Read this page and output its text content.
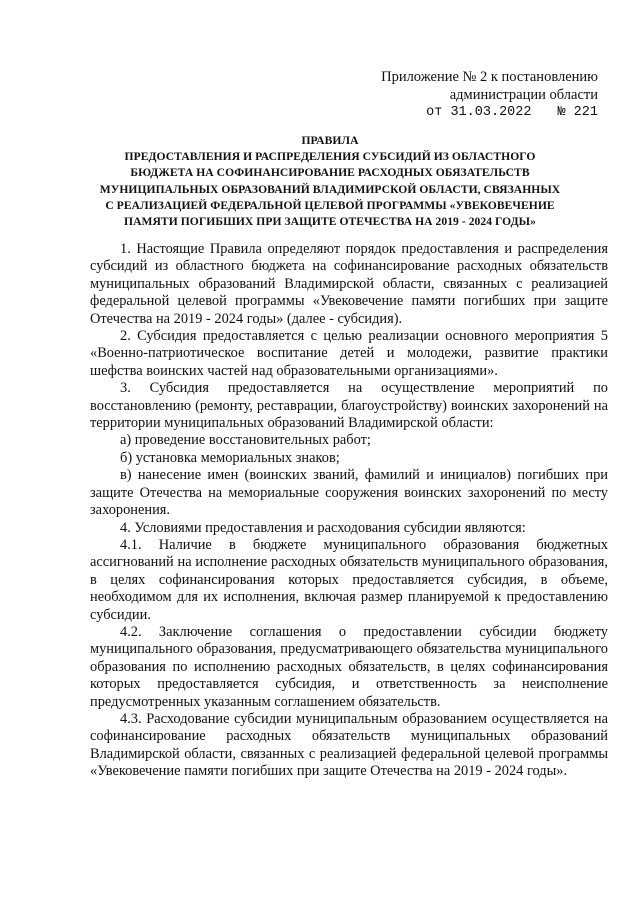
Приложение № 2 к постановлению
администрации области
от 31.03.2022 № 221
ПРАВИЛА
ПРЕДОСТАВЛЕНИЯ И РАСПРЕДЕЛЕНИЯ СУБСИДИЙ ИЗ ОБЛАСТНОГО
БЮДЖЕТА НА СОФИНАНСИРОВАНИЕ РАСХОДНЫХ ОБЯЗАТЕЛЬСТВ
МУНИЦИПАЛЬНЫХ ОБРАЗОВАНИЙ ВЛАДИМИРСКОЙ ОБЛАСТИ, СВЯЗАННЫХ
С РЕАЛИЗАЦИЕЙ ФЕДЕРАЛЬНОЙ ЦЕЛЕВОЙ ПРОГРАММЫ «УВЕКОВЕЧЕНИЕ
ПАМЯТИ ПОГИБШИХ ПРИ ЗАЩИТЕ ОТЕЧЕСТВА НА 2019 - 2024 ГОДЫ»

1. Настоящие Правила определяют порядок предоставления и распределения субсидий из областного бюджета на софинансирование расходных обязательств муниципальных образований Владимирской области, связанных с реализацией федеральной целевой программы «Увековечение памяти погибших при защите Отечества на 2019 - 2024 годы» (далее - субсидия).

2. Субсидия предоставляется с целью реализации основного мероприятия 5 «Военно-патриотическое воспитание детей и молодежи, развитие практики шефства воинских частей над образовательными организациями».

3. Субсидия предоставляется на осуществление мероприятий по восстановлению (ремонту, реставрации, благоустройству) воинских захоронений на территории муниципальных образований Владимирской области:

а) проведение восстановительных работ;

б) установка мемориальных знаков;

в) нанесение имен (воинских званий, фамилий и инициалов) погибших при защите Отечества на мемориальные сооружения воинских захоронений по месту захоронения.

4. Условиями предоставления и расходования субсидии являются:

4.1. Наличие в бюджете муниципального образования бюджетных ассигнований на исполнение расходных обязательств муниципального образования, в целях софинансирования которых предоставляется субсидия, в объеме, необходимом для их исполнения, включая размер планируемой к предоставлению субсидии.

4.2. Заключение соглашения о предоставлении субсидии бюджету муниципального образования, предусматривающего обязательства муниципального образования по исполнению расходных обязательств, в целях софинансирования которых предоставляется субсидия, и ответственность за неисполнение предусмотренных указанным соглашением обязательств.

4.3. Расходование субсидии муниципальным образованием осуществляется на софинансирование расходных обязательств муниципальных образований Владимирской области, связанных с реализацией федеральной целевой программы «Увековечение памяти погибших при защите Отечества на 2019 - 2024 годы».
